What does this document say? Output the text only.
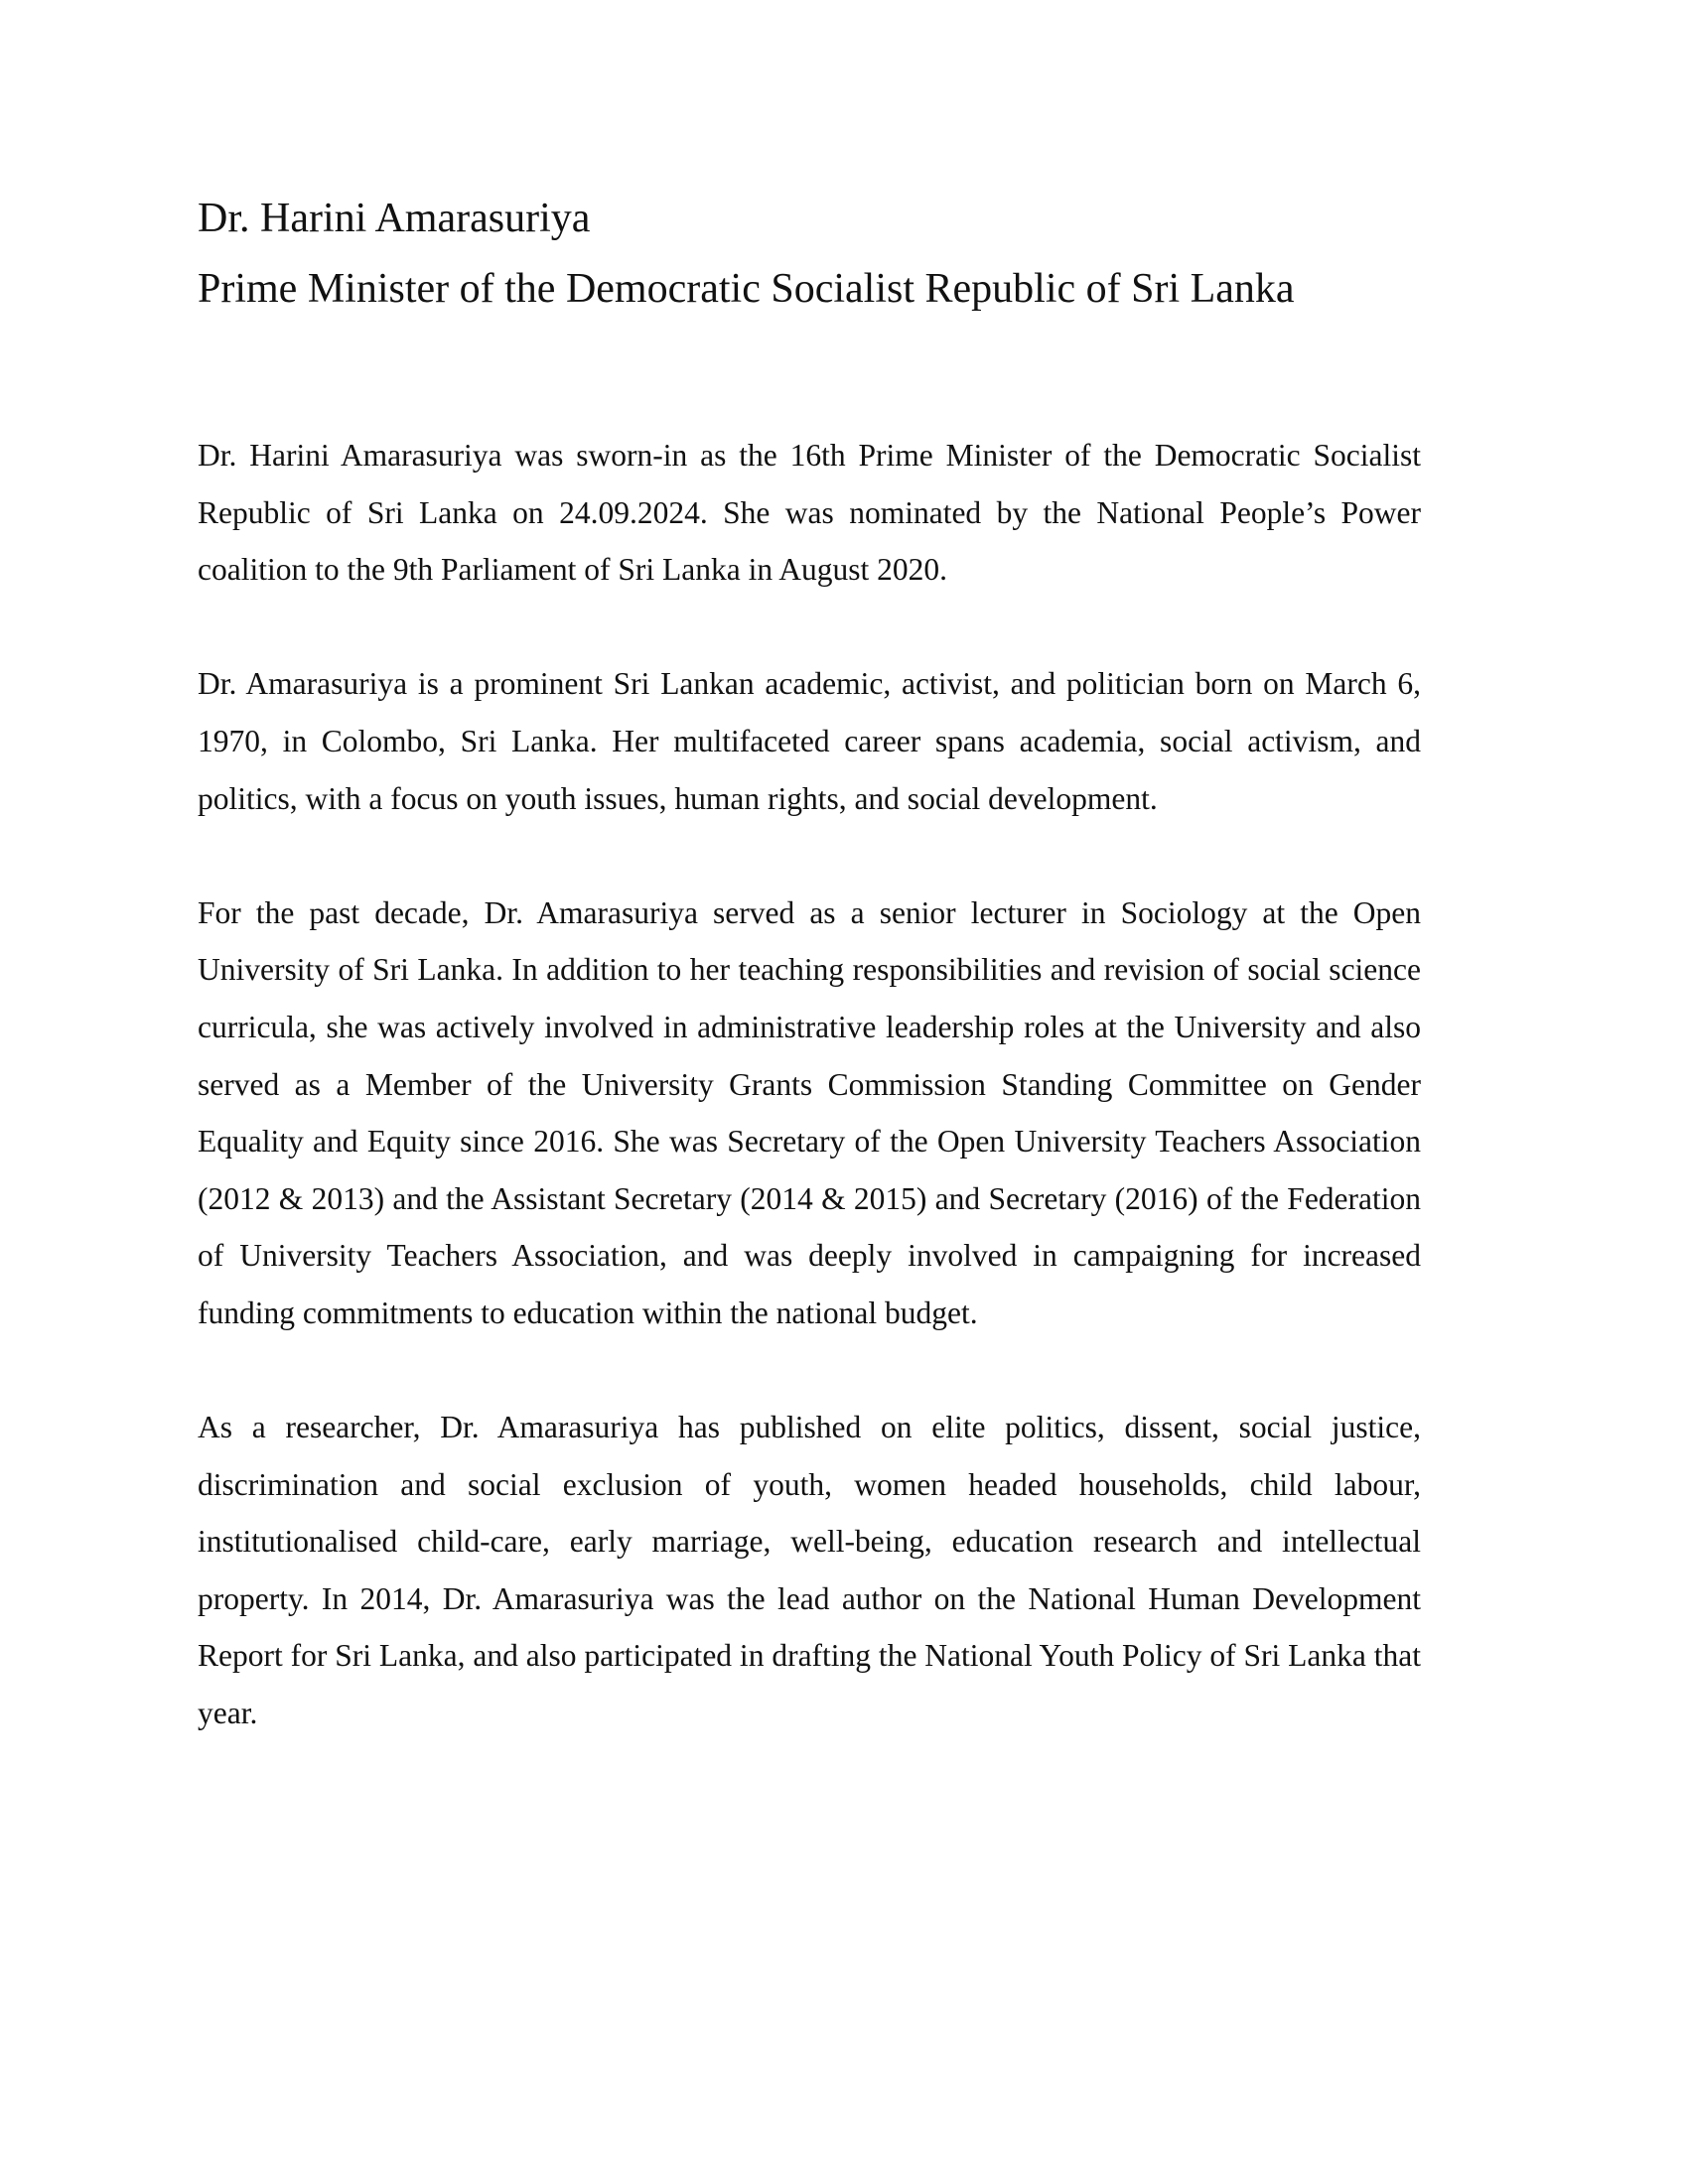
Dr. Harini Amarasuriya
Prime Minister of the Democratic Socialist Republic of Sri Lanka

Dr. Harini Amarasuriya was sworn-in as the 16th Prime Minister of the Democratic Socialist Republic of Sri Lanka on 24.09.2024. She was nominated by the National People’s Power coalition to the 9th Parliament of Sri Lanka in August 2020.

Dr. Amarasuriya is a prominent Sri Lankan academic, activist, and politician born on March 6, 1970, in Colombo, Sri Lanka. Her multifaceted career spans academia, social activism, and politics, with a focus on youth issues, human rights, and social development.

For the past decade, Dr. Amarasuriya served as a senior lecturer in Sociology at the Open University of Sri Lanka. In addition to her teaching responsibilities and revision of social science curricula, she was actively involved in administrative leadership roles at the University and also served as a Member of the University Grants Commission Standing Committee on Gender Equality and Equity since 2016. She was Secretary of the Open University Teachers Association (2012 & 2013) and the Assistant Secretary (2014 & 2015) and Secretary (2016) of the Federation of University Teachers Association, and was deeply involved in campaigning for increased funding commitments to education within the national budget.

As a researcher, Dr. Amarasuriya has published on elite politics, dissent, social justice, discrimination and social exclusion of youth, women headed households, child labour, institutionalised child-care, early marriage, well-being, education research and intellectual property. In 2014, Dr. Amarasuriya was the lead author on the National Human Development Report for Sri Lanka, and also participated in drafting the National Youth Policy of Sri Lanka that year.
